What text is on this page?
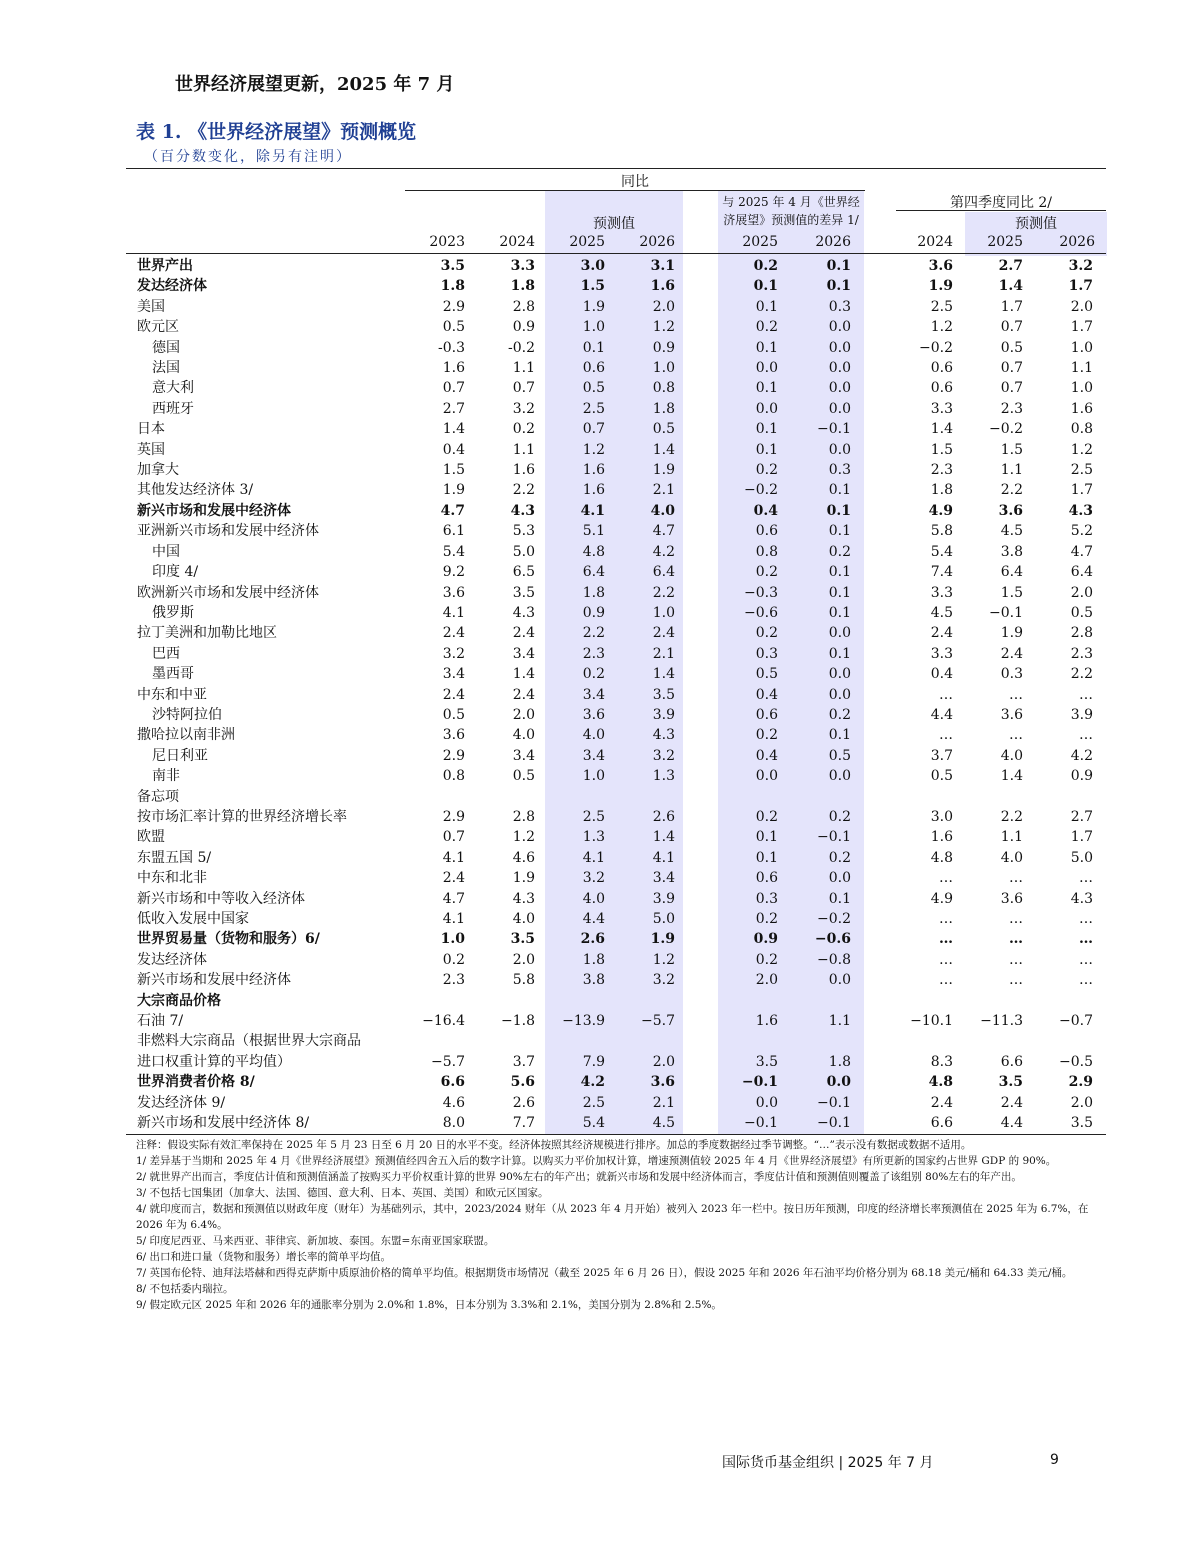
世界经济展望更新，2025 年 7 月
表 1. 《世界经济展望》预测概览
（百分数变化，除另有注明）
同比
与 2025 年 4 月《世界经
济展望》预测值的差异 1/
预测值
第四季度同比 2/
预测值
2023	2024	2025	2026	2025	2026	2024	2025	2026
世界产出	3.5	3.3	3.0	3.1	0.2	0.1	3.6	2.7	3.2	
发达经济体	1.8	1.8	1.5	1.6	0.1	0.1	1.9	1.4	1.7	
美国	2.9	2.8	1.9	2.0	0.1	0.3	2.5	1.7	2.0	
欧元区	0.5	0.9	1.0	1.2	0.2	0.0	1.2	0.7	1.7	
德国	-0.3	-0.2	0.1	0.9	0.1	0.0	−0.2	0.5	1.0	
法国	1.6	1.1	0.6	1.0	0.0	0.0	0.6	0.7	1.1	
意大利	0.7	0.7	0.5	0.8	0.1	0.0	0.6	0.7	1.0	
西班牙	2.7	3.2	2.5	1.8	0.0	0.0	3.3	2.3	1.6	
日本	1.4	0.2	0.7	0.5	0.1	−0.1	1.4	−0.2	0.8	
英国	0.4	1.1	1.2	1.4	0.1	0.0	1.5	1.5	1.2	
加拿大	1.5	1.6	1.6	1.9	0.2	0.3	2.3	1.1	2.5	
其他发达经济体 3/	1.9	2.2	1.6	2.1	−0.2	0.1	1.8	2.2	1.7	
新兴市场和发展中经济体	4.7	4.3	4.1	4.0	0.4	0.1	4.9	3.6	4.3	
亚洲新兴市场和发展中经济体	6.1	5.3	5.1	4.7	0.6	0.1	5.8	4.5	5.2	
中国	5.4	5.0	4.8	4.2	0.8	0.2	5.4	3.8	4.7	
印度 4/	9.2	6.5	6.4	6.4	0.2	0.1	7.4	6.4	6.4	
欧洲新兴市场和发展中经济体	3.6	3.5	1.8	2.2	−0.3	0.1	3.3	1.5	2.0	
俄罗斯	4.1	4.3	0.9	1.0	−0.6	0.1	4.5	−0.1	0.5	
拉丁美洲和加勒比地区	2.4	2.4	2.2	2.4	0.2	0.0	2.4	1.9	2.8	
巴西	3.2	3.4	2.3	2.1	0.3	0.1	3.3	2.4	2.3	
墨西哥	3.4	1.4	0.2	1.4	0.5	0.0	0.4	0.3	2.2	
中东和中亚	2.4	2.4	3.4	3.5	0.4	0.0	…	…	…	
沙特阿拉伯	0.5	2.0	3.6	3.9	0.6	0.2	4.4	3.6	3.9	
撒哈拉以南非洲	3.6	4.0	4.0	4.3	0.2	0.1	…	…	…	
尼日利亚	2.9	3.4	3.4	3.2	0.4	0.5	3.7	4.0	4.2	
南非	0.8	0.5	1.0	1.3	0.0	0.0	0.5	1.4	0.9	
备忘项										
按市场汇率计算的世界经济增长率	2.9	2.8	2.5	2.6	0.2	0.2	3.0	2.2	2.7	
欧盟	0.7	1.2	1.3	1.4	0.1	−0.1	1.6	1.1	1.7	
东盟五国 5/	4.1	4.6	4.1	4.1	0.1	0.2	4.8	4.0	5.0	
中东和北非	2.4	1.9	3.2	3.4	0.6	0.0	…	…	…	
新兴市场和中等收入经济体	4.7	4.3	4.0	3.9	0.3	0.1	4.9	3.6	4.3	
低收入发展中国家	4.1	4.0	4.4	5.0	0.2	−0.2	…	…	…	
世界贸易量（货物和服务）6/	1.0	3.5	2.6	1.9	0.9	−0.6	…	…	…	
发达经济体	0.2	2.0	1.8	1.2	0.2	−0.8	…	…	…	
新兴市场和发展中经济体	2.3	5.8	3.8	3.2	2.0	0.0	…	…	…	
大宗商品价格										
石油 7/	−16.4	−1.8	−13.9	−5.7	1.6	1.1	−10.1	−11.3	−0.7	
非燃料大宗商品（根据世界大宗商品										
进口权重计算的平均值）	−5.7	3.7	7.9	2.0	3.5	1.8	8.3	6.6	−0.5	
世界消费者价格 8/	6.6	5.6	4.2	3.6	−0.1	0.0	4.8	3.5	2.9	
发达经济体 9/	4.6	2.6	2.5	2.1	0.0	−0.1	2.4	2.4	2.0	
新兴市场和发展中经济体 8/	8.0	7.7	5.4	4.5	−0.1	−0.1	6.6	4.4	3.5	

注释：假设实际有效汇率保持在 2025 年 5 月 23 日至 6 月 20 日的水平不变。经济体按照其经济规模进行排序。加总的季度数据经过季节调整。“…”表示没有数据或数据不适用。

1/ 差异基于当期和 2025 年 4 月《世界经济展望》预测值经四舍五入后的数字计算。以购买力平价加权计算，增速预测值较 2025 年 4 月《世界经济展望》有所更新的国家约占世界 GDP 的 90%。

2/ 就世界产出而言，季度估计值和预测值涵盖了按购买力平价权重计算的世界 90%左右的年产出；就新兴市场和发展中经济体而言，季度估计值和预测值则覆盖了该组别 80%左右的年产出。

3/ 不包括七国集团（加拿大、法国、德国、意大利、日本、英国、美国）和欧元区国家。

4/ 就印度而言，数据和预测值以财政年度（财年）为基础列示，其中，2023/2024 财年（从 2023 年 4 月开始）被列入 2023 年一栏中。按日历年预测，印度的经济增长率预测值在 2025 年为 6.7%，在 2026 年为 6.4%。

5/ 印度尼西亚、马来西亚、菲律宾、新加坡、泰国。东盟=东南亚国家联盟。

6/ 出口和进口量（货物和服务）增长率的简单平均值。

7/ 英国布伦特、迪拜法塔赫和西得克萨斯中质原油价格的简单平均值。根据期货市场情况（截至 2025 年 6 月 26 日），假设 2025 年和 2026 年石油平均价格分别为 68.18 美元/桶和 64.33 美元/桶。

8/ 不包括委内瑞拉。

9/ 假定欧元区 2025 年和 2026 年的通胀率分别为 2.0%和 1.8%，日本分别为 3.3%和 2.1%，美国分别为 2.8%和 2.5%。

国际货币基金组织 | 2025 年 7 月	9
